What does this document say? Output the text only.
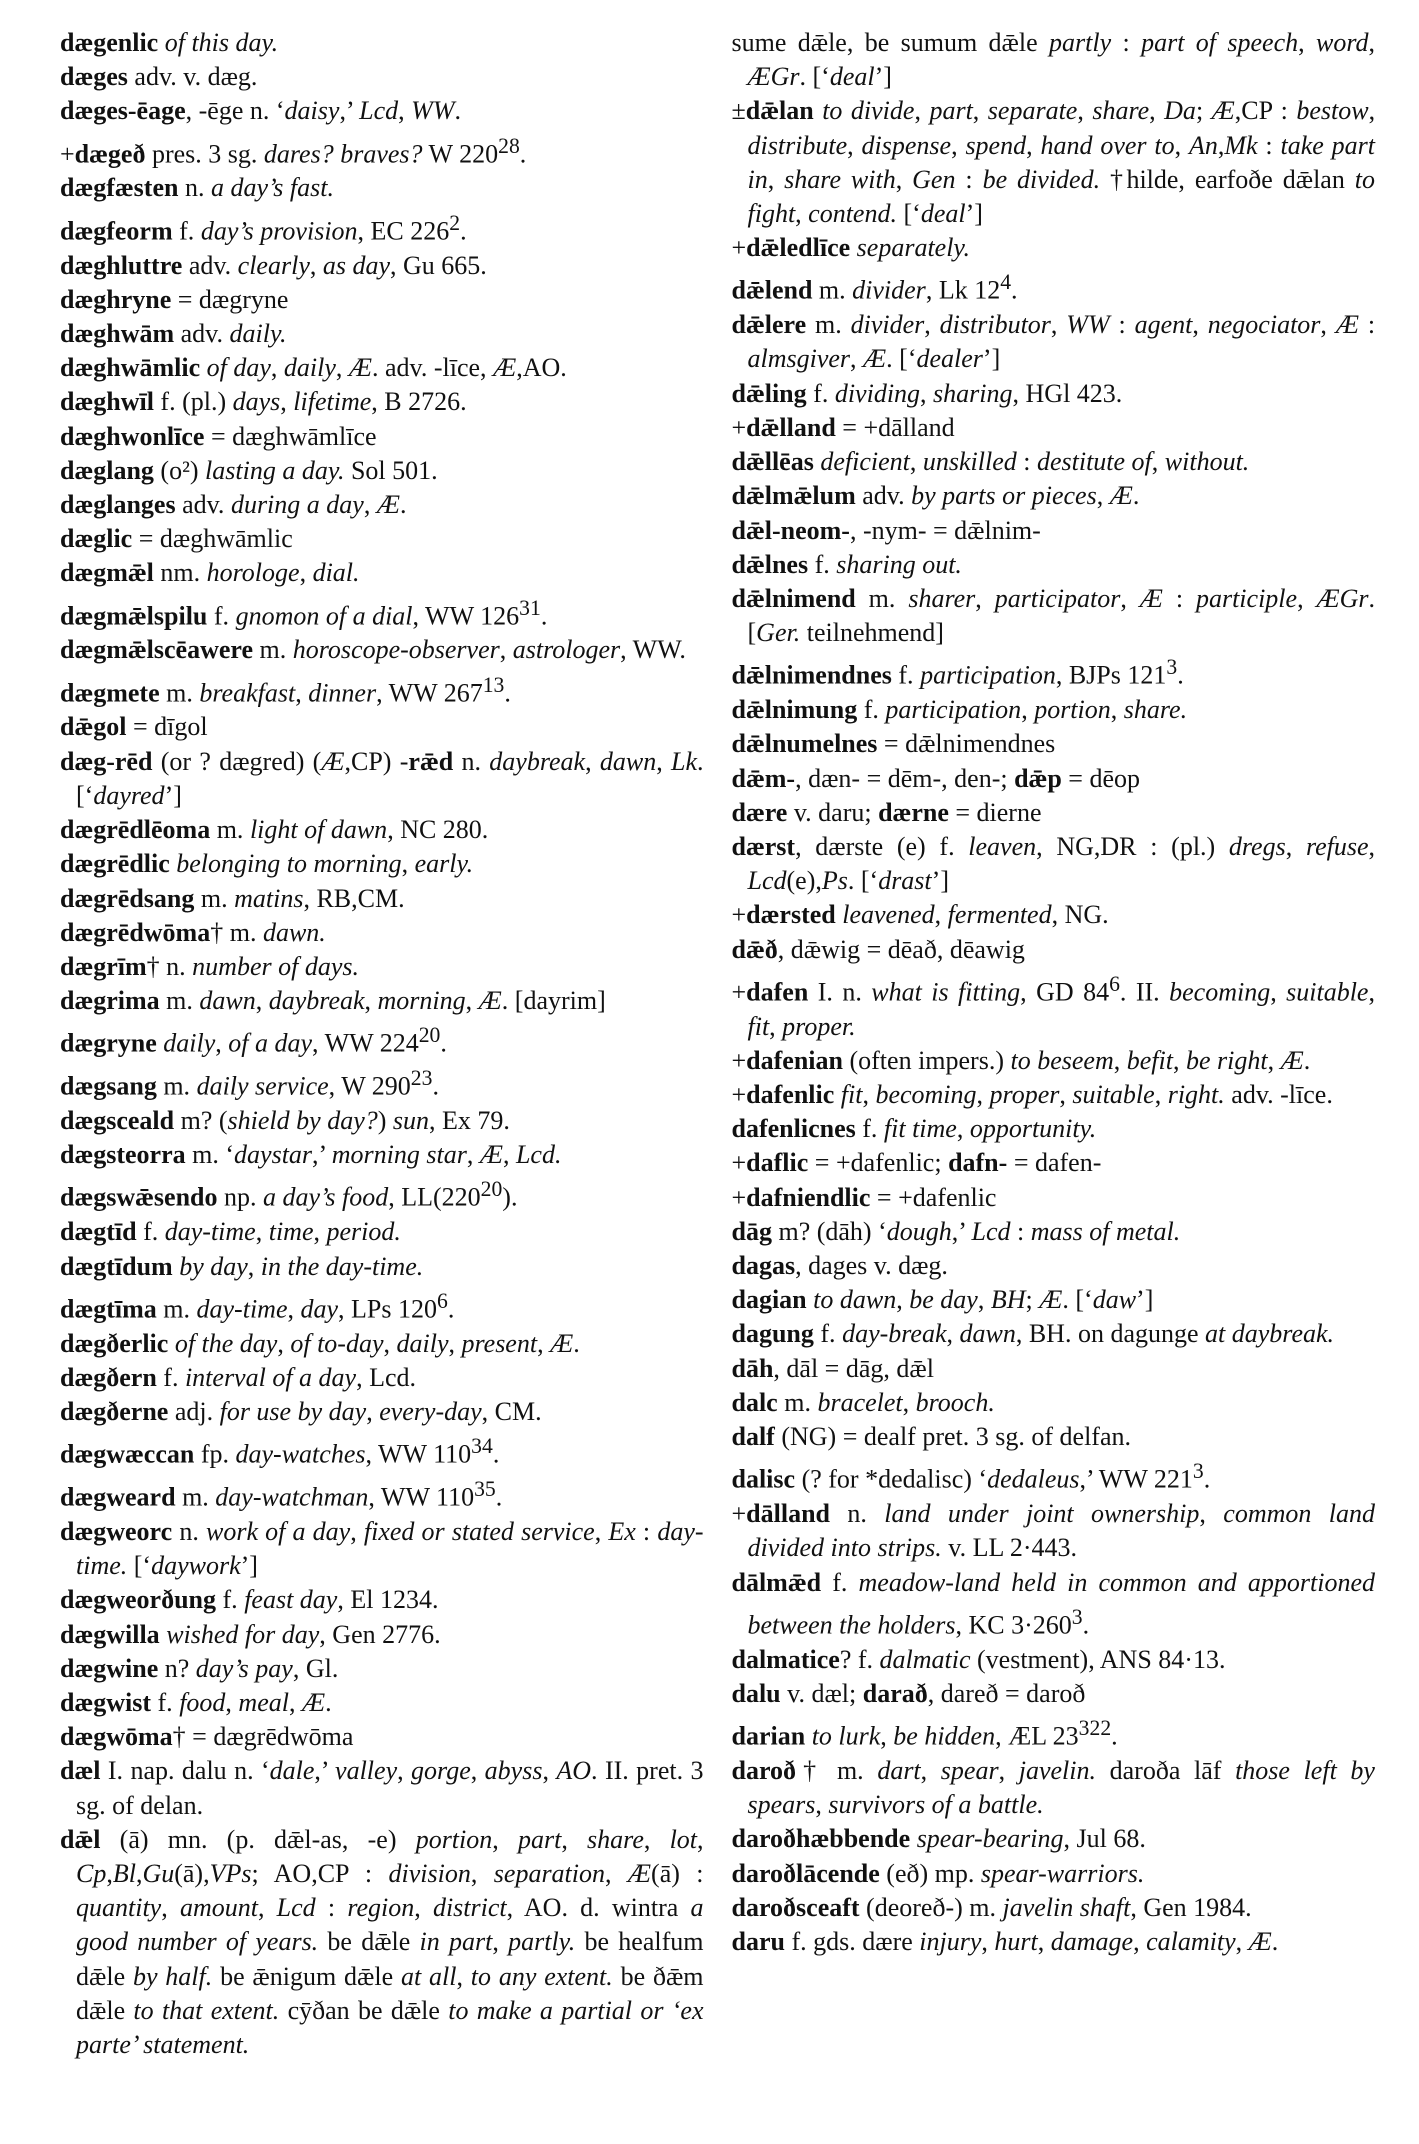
dægenlic of this day.
dæges adv. v. dæg.
dæges-ēage, -ēge n. ‘daisy,’ Lcd, WW.
+dægeð pres. 3 sg. dares? braves? W $220^{28}$.
dægfæsten n. a day’s fast.
dægfeorm f. day’s provision, EC $226^2$.
dæghluttre adv. clearly, as day, Gu 665.
dæghryne = dægryne
dæghwām adv. daily.
dæghwāmlic of day, daily, Æ. adv. -līce, Æ,AO.
dæghwīl f. (pl.) days, lifetime, B 2726.
dæghwonlīce = dæghwāmlīce
dæglang (o²) lasting a day. Sol 501.
dæglanges adv. during a day, Æ.
dæglic = dæghwāmlic
dægmǣl nm. horologe, dial.
dægmǣlspilu f. gnomon of a dial, WW $126^{31}$.
dægmǣlscēawere m. horoscope-observer, astrologer, WW.
dægmete m. breakfast, dinner, WW $267^{13}$.
dǣgol = dīgol
dæg-rēd (or ? dægred) (Æ,CP) -rǣd n. daybreak, dawn, Lk. [‘dayred’]
dægrēdlēoma m. light of dawn, NC 280.
dægrēdlic belonging to morning, early.
dægrēdsang m. matins, RB,CM.
dægrēdwōma† m. dawn.
dægrīm† n. number of days.
dægrima m. dawn, daybreak, morning, Æ. [dayrim]
dægryne daily, of a day, WW $224^{20}$.
dægsang m. daily service, W $290^{23}$.
dægsceald m? (shield by day?) sun, Ex 79.
dægsteorra m. ‘daystar,’ morning star, Æ, Lcd.
dægswǣsendo np. a day’s food, $LL(220^{20})$.
dægtīd f. day-time, time, period.
dægtīdum by day, in the day-time.
dægtīma m. day-time, day, LPs $120^6$.
dægðerlic of the day, of to-day, daily, present, Æ.
dægðern f. interval of a day, Lcd.
dægðerne adj. for use by day, every-day, CM.
dægwæccan fp. day-watches, WW $110^{34}$.
dægweard m. day-watchman, WW $110^{35}$.
dægweorc n. work of a day, fixed or stated service, Ex : day-time. [‘daywork’]
dægweorðung f. feast day, El 1234.
dægwilla wished for day, Gen 2776.
dægwine n? day’s pay, Gl.
dægwist f. food, meal, Æ.
dægwōma† = dægrēdwōma
dæl I. nap. dalu n. ‘dale,’ valley, gorge, abyss, AO. II. pret. 3 sg. of delan.
dǣl (ā) mn. (p. dǣl-as, -e) portion, part, share, lot, Cp,Bl,Gu(ā),VPs; AO,CP : division, separation, Æ(ā) : quantity, amount, Lcd : region, district, AO. d. wintra a good number of years. be dǣle in part, partly. be healfum dǣle by half. be ǣnigum dǣle at all, to any extent. be ðǣm dǣle to that extent. cȳðan be dǣle to make a partial or ‘ex parte’ statement.
sume dǣle, be sumum dǣle partly : part of speech, word, ÆGr. [‘deal’]
±dǣlan to divide, part, separate, share, Da; Æ,CP : bestow, distribute, dispense, spend, hand over to, An,Mk : take part in, share with, Gen : be divided. †hilde, earfoðe dǣlan to fight, contend. [‘deal’]
+dǣledlīce separately.
dǣlend m. divider, Lk $12^4$.
dǣlere m. divider, distributor, WW : agent, negociator, Æ : almsgiver, Æ. [‘dealer’]
dǣling f. dividing, sharing, HGl 423.
+dǣlland = +dālland
dǣllēas deficient, unskilled : destitute of, without.
dǣlmǣlum adv. by parts or pieces, Æ.
dǣl-neom-, -nym- = dǣlnim-
dǣlnes f. sharing out.
dǣlnimend m. sharer, participator, Æ : participle, ÆGr. [Ger. teilnehmend]
dǣlnimendnes f. participation, BJPs $121^3$.
dǣlnimung f. participation, portion, share.
dǣlnumelnes = dǣlnimendnes
dǣm-, dæn- = dēm-, den-; dǣp = dēop
dære v. daru; dærne = dierne
dærst, dærste (e) f. leaven, NG,DR : (pl.) dregs, refuse, Lcd(e),Ps. [‘drast’]
+dærsted leavened, fermented, NG.
dǣð, dǣwig = dēað, dēawig
+dafen I. n. what is fitting, GD $84^6$. II. becoming, suitable, fit, proper.
+dafenian (often impers.) to beseem, befit, be right, Æ.
+dafenlic fit, becoming, proper, suitable, right. adv. -līce.
dafenlicnes f. fit time, opportunity.
+daflic = +dafenlic; dafn- = dafen-
+dafniendlic = +dafenlic
dāg m? (dāh) ‘dough,’ Lcd : mass of metal.
dagas, dages v. dæg.
dagian to dawn, be day, BH; Æ. [‘daw’]
dagung f. day-break, dawn, BH. on dagunge at daybreak.
dāh, dāl = dāg, dǣl
dalc m. bracelet, brooch.
dalf (NG) = dealf pret. 3 sg. of delfan.
dalisc (? for *dedalisc) ‘dedaleus,’ WW $221^3$.
+dālland n. land under joint ownership, common land divided into strips. v. LL 2·443.
dālmǣd f. meadow-land held in common and apportioned between the holders, KC $3\cdot 260^3$.
dalmatice? f. dalmatic (vestment), ANS 84·13.
dalu v. dæl; darað, dareð = daroð
darian to lurk, be hidden, ÆL $23^{322}$.
daroð† m. dart, spear, javelin. daroða lāf those left by spears, survivors of a battle.
daroðhæbbende spear-bearing, Jul 68.
daroðlācende (eð) mp. spear-warriors.
daroðsceaft (deoreð-) m. javelin shaft, Gen 1984.
daru f. gds. dære injury, hurt, damage, calamity, Æ.
